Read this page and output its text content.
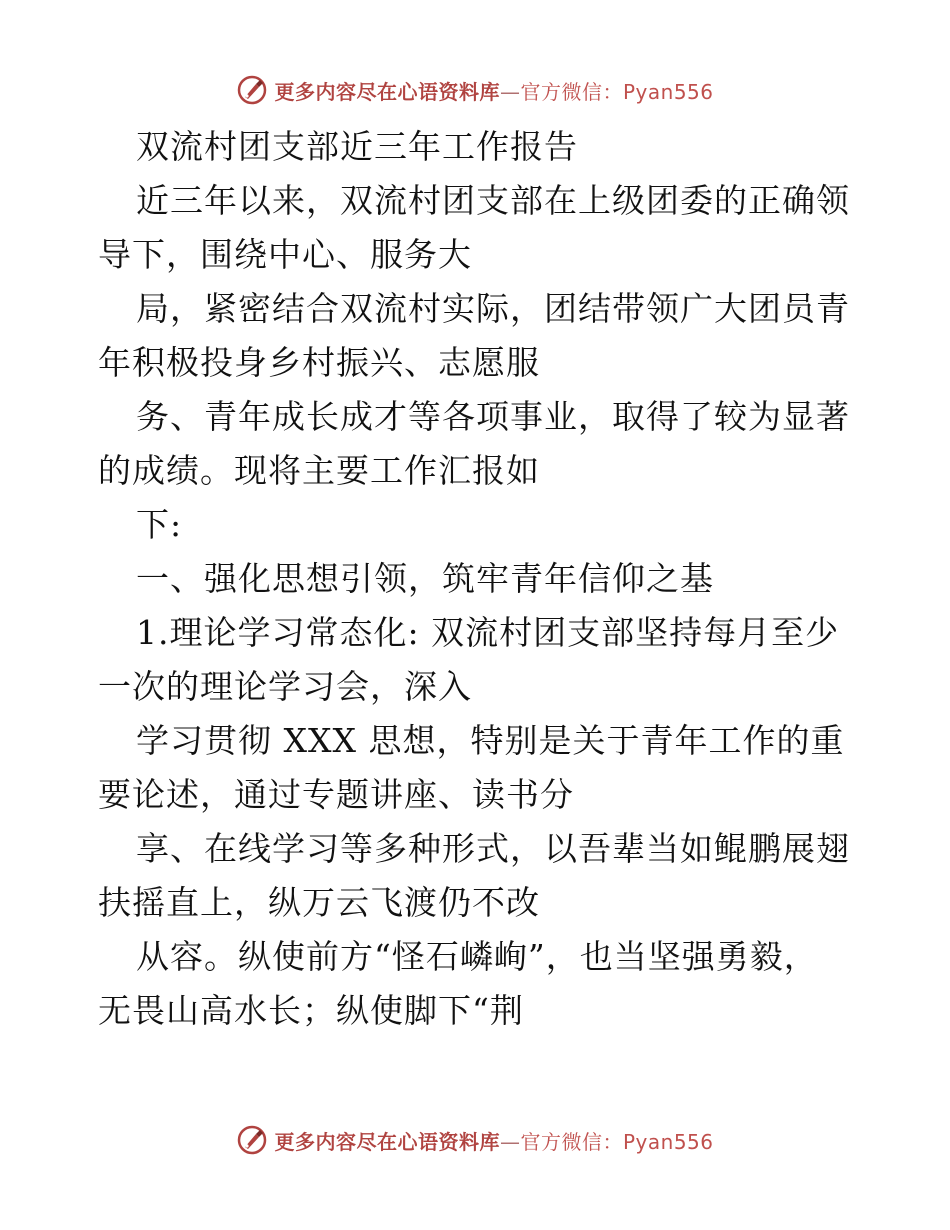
更多内容尽在心语资料库—官方微信：Pyan556
双流村团支部近三年工作报告
近三年以来，双流村团支部在上级团委的正确领
导下，围绕中心、服务大
局，紧密结合双流村实际，团结带领广大团员青
年积极投身乡村振兴、志愿服
务、青年成长成才等各项事业，取得了较为显著
的成绩。现将主要工作汇报如
下:
一、强化思想引领，筑牢青年信仰之基
1.理论学习常态化: 双流村团支部坚持每月至少
一次的理论学习会，深入
学习贯彻 XXX 思想，特别是关于青年工作的重
要论述，通过专题讲座、读书分
享、在线学习等多种形式，以吾辈当如鲲鹏展翅
扶摇直上，纵万云飞渡仍不改
从容。纵使前方“怪石嶙峋”，也当坚强勇毅，
无畏山高水长；纵使脚下“荆
更多内容尽在心语资料库—官方微信：Pyan556
